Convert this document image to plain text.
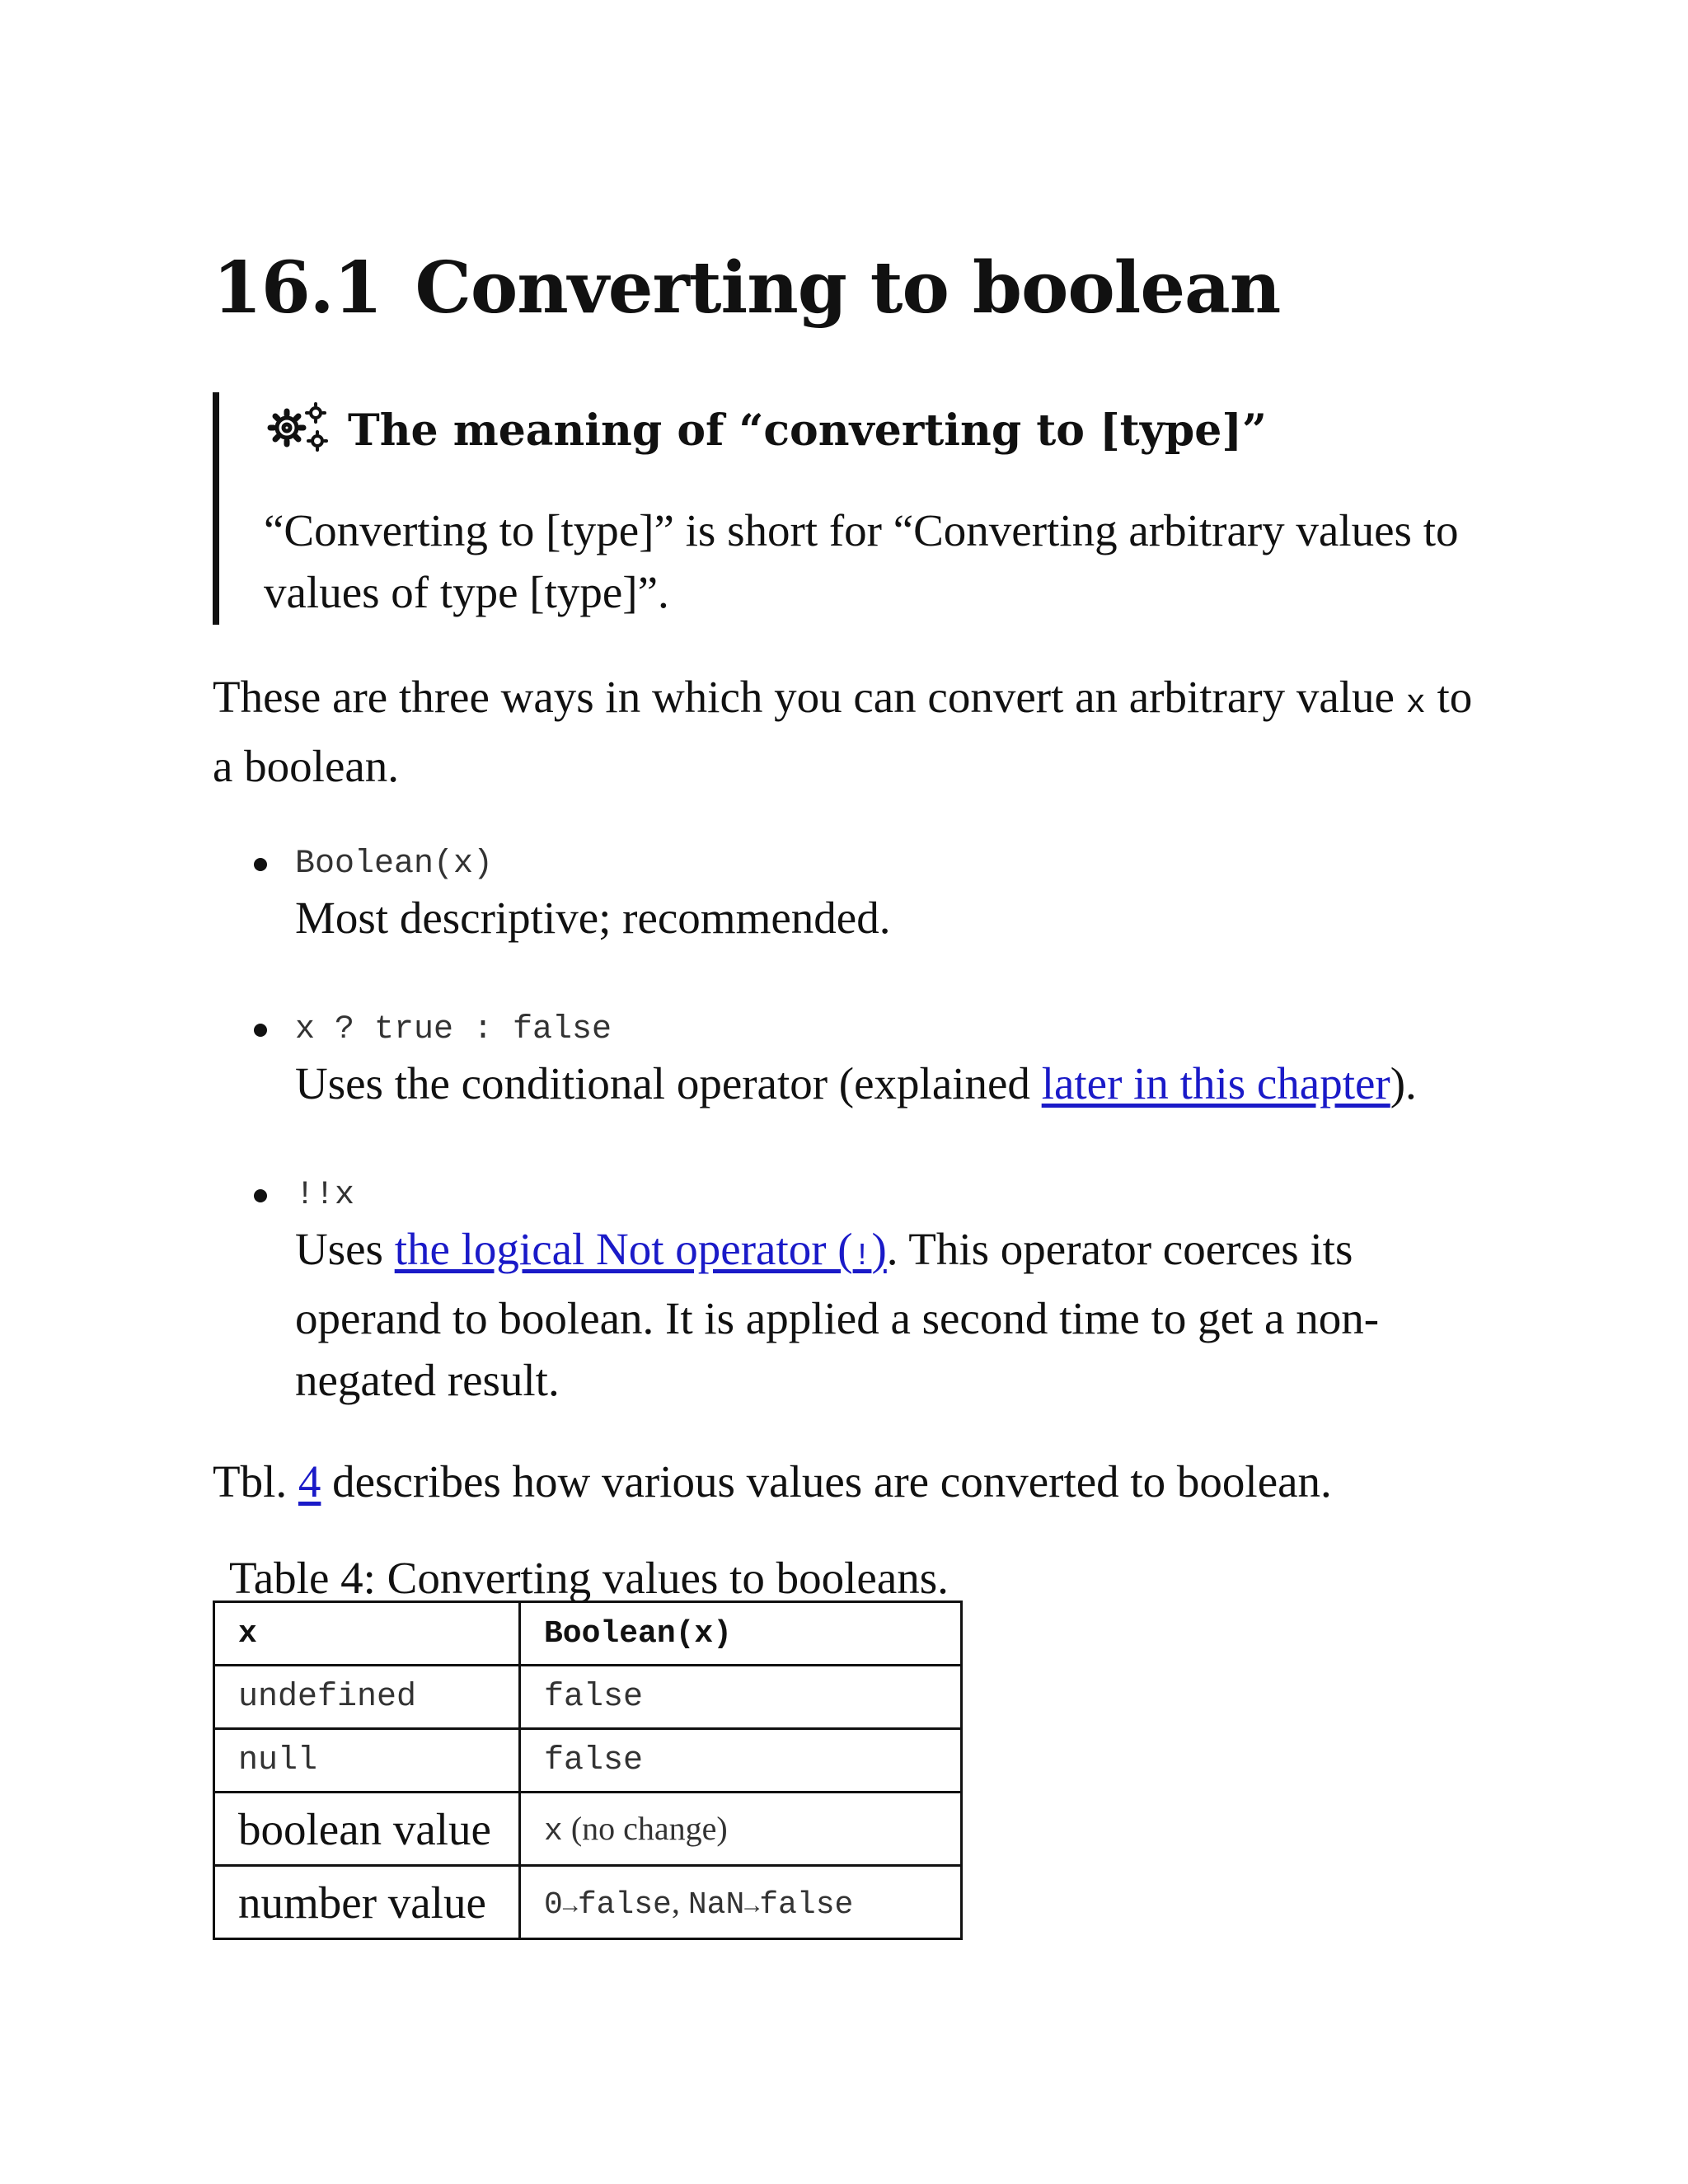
16.1 Converting to boolean
The meaning of “converting to [type]”
“Converting to [type]” is short for “Converting arbitrary values to values of type [type]”.
These are three ways in which you can convert an arbitrary value x to a boolean.
Boolean(x)
Most descriptive; recommended.
x ? true : false
Uses the conditional operator (explained later in this chapter).
!!x
Uses the logical Not operator (!). This operator coerces its operand to boolean. It is applied a second time to get a non-negated result.
Tbl. 4 describes how various values are converted to boolean.
Table 4: Converting values to booleans.
x	Boolean(x)
undefined	false
null	false
boolean value	x (no change)
number value	0→false, NaN→false
